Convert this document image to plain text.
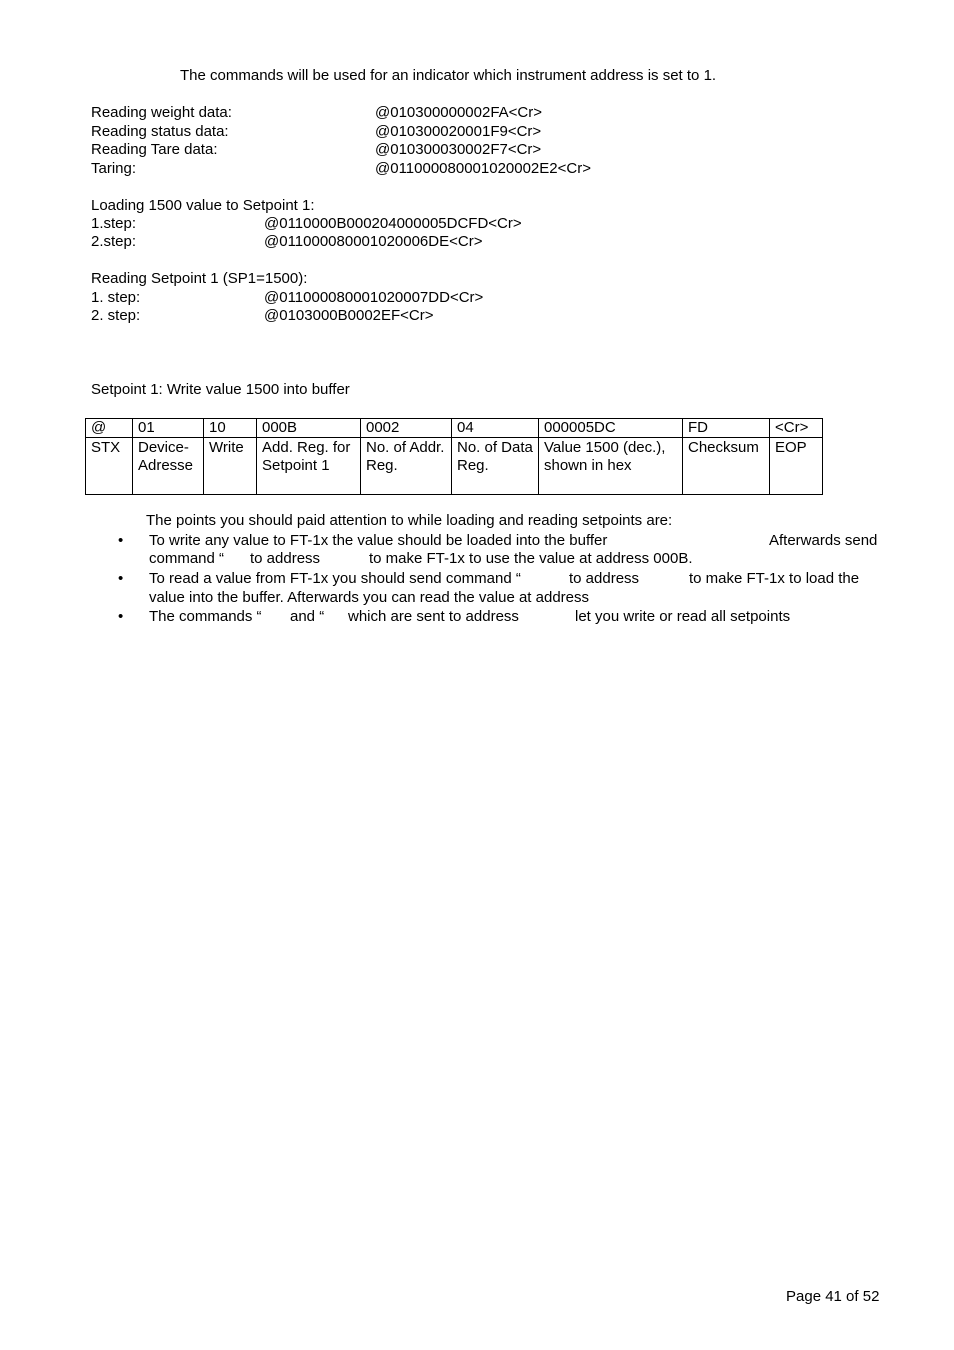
The commands will be used for an indicator which instrument address is set to 1.
Reading weight data:	@010300000002FA<Cr>
Reading status data:	@010300020001F9<Cr>
Reading Tare data:	@010300030002F7<Cr>
Taring:	@011000080001020002E2<Cr>
Loading 1500 value to Setpoint 1:
1.step:	@0110000B000204000005DCFD<Cr>
2.step:	@011000080001020006DE<Cr>
Reading Setpoint 1 (SP1=1500):
1. step:	@011000080001020007DD<Cr>
2. step:	@0103000B0002EF<Cr>
Setpoint 1: Write value 1500 into buffer
@	01	10	000B	0002	04	000005DC	FD	<Cr>
STX	Device-Adresse	Write	Add. Reg. for Setpoint 1	No. of Addr. Reg.	No. of Data Reg.	Value 1500 (dec.), shown in hex	Checksum	EOP
The points you should paid attention to while loading and reading setpoints are:
• To write any value to FT-1x the value should be loaded into the buffer	Afterwards send
command “ to address	to make FT-1x to use the value at address 000B.
• To read a value from FT-1x you should send command “	to address	to make FT-1x to load the
value into the buffer. Afterwards you can read the value at address
• The commands “ and “ which are sent to address	let you write or read all setpoints
Page 41 of 52
